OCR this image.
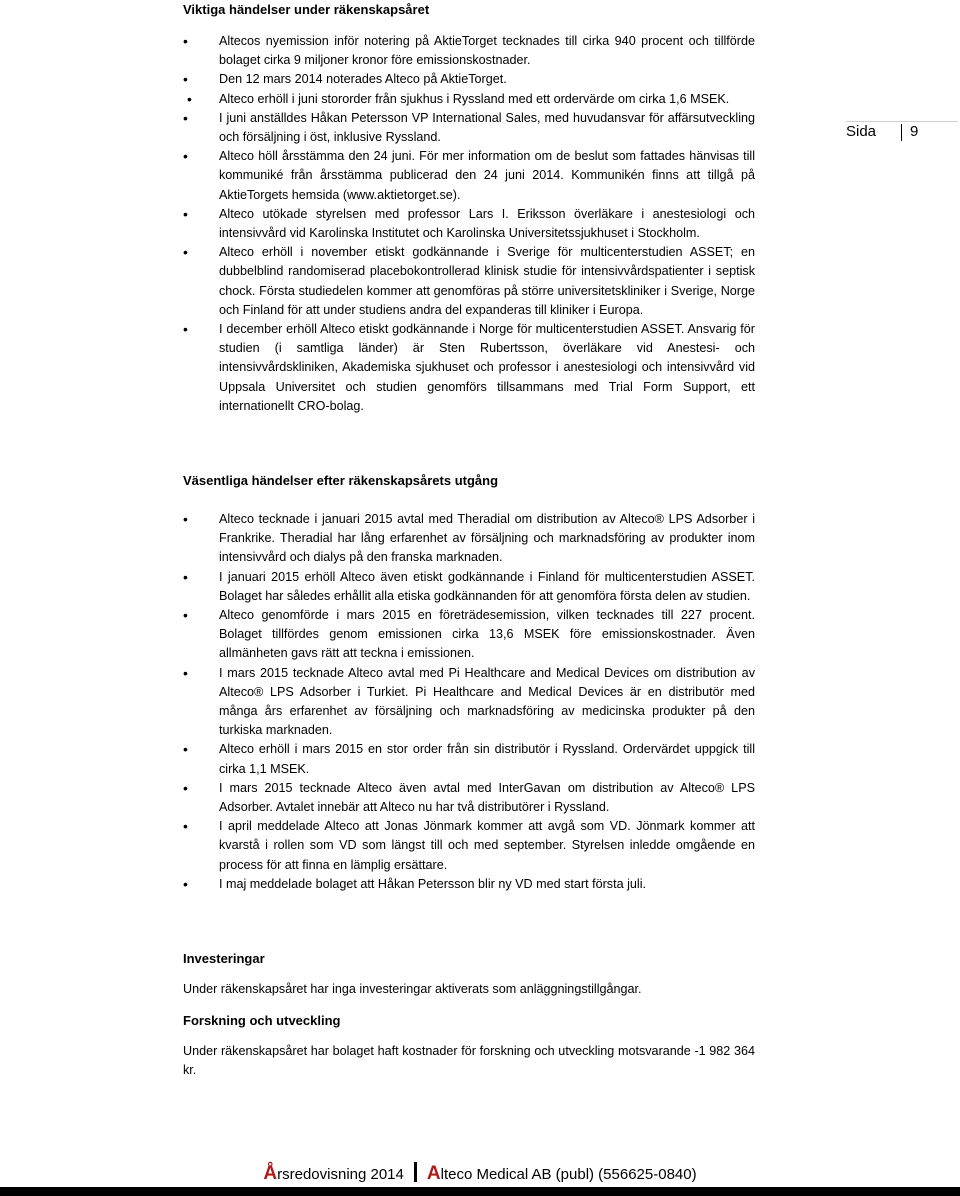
Viktiga händelser under räkenskapsåret
• Altecos nyemission inför notering på AktieTorget tecknades till cirka 940 procent och tillförde bolaget cirka 9 miljoner kronor före emissionskostnader.
• Den 12 mars 2014 noterades Alteco på AktieTorget.
•	Alteco erhöll i juni stororder från sjukhus i Ryssland med ett ordervärde om cirka 1,6 MSEK.
• I juni anställdes Håkan Petersson VP International Sales, med huvudansvar för affärsutveckling och försäljning i öst, inklusive Ryssland.
• Alteco höll årsstämma den 24 juni. För mer information om de beslut som fattades hänvisas till kommuniké från årsstämma publicerad den 24 juni 2014. Kommunikén finns att tillgå på AktieTorgets hemsida (www.aktietorget.se).
• Alteco utökade styrelsen med professor Lars I. Eriksson överläkare i anestesiologi och intensivvård vid Karolinska Institutet och Karolinska Universitetssjukhuset i Stockholm.
• Alteco erhöll i november etiskt godkännande i Sverige för multicenterstudien ASSET; en dubbelblind randomiserad placebokontrollerad klinisk studie för intensivvårdspatienter i septisk chock. Första studiedelen kommer att genomföras på större universitetskliniker i Sverige, Norge och Finland för att under studiens andra del expanderas till kliniker i Europa.
• I december erhöll Alteco etiskt godkännande i Norge för multicenterstudien ASSET. Ansvarig för studien (i samtliga länder) är Sten Rubertsson, överläkare vid Anestesi- och intensivvårdskliniken, Akademiska sjukhuset och professor i anestesiologi och intensivvård vid Uppsala Universitet och studien genomförs tillsammans med Trial Form Support, ett internationellt CRO-bolag.
Sida 9
Väsentliga händelser efter räkenskapsårets utgång
• Alteco tecknade i januari 2015 avtal med Theradial om distribution av Alteco® LPS Adsorber i Frankrike. Theradial har lång erfarenhet av försäljning och marknadsföring av produkter inom intensivvård och dialys på den franska marknaden.
• I januari 2015 erhöll Alteco även etiskt godkännande i Finland för multicenterstudien ASSET. Bolaget har således erhållit alla etiska godkännanden för att genomföra första delen av studien.
• Alteco genomförde i mars 2015 en företrädesemission, vilken tecknades till 227 procent. Bolaget tillfördes genom emissionen cirka 13,6 MSEK före emissionskostnader. Även allmänheten gavs rätt att teckna i emissionen.
• I mars 2015 tecknade Alteco avtal med Pi Healthcare and Medical Devices om distribution av Alteco® LPS Adsorber i Turkiet. Pi Healthcare and Medical Devices är en distributör med många års erfarenhet av försäljning och marknadsföring av medicinska produkter på den turkiska marknaden.
• Alteco erhöll i mars 2015 en stor order från sin distributör i Ryssland. Ordervärdet uppgick till cirka 1,1 MSEK.
• I mars 2015 tecknade Alteco även avtal med InterGavan om distribution av Alteco® LPS Adsorber. Avtalet innebär att Alteco nu har två distributörer i Ryssland.
• I april meddelade Alteco att Jonas Jönmark kommer att avgå som VD. Jönmark kommer att kvarstå i rollen som VD som längst till och med september. Styrelsen inledde omgående en process för att finna en lämplig ersättare.
• I maj meddelade bolaget att Håkan Petersson blir ny VD med start första juli.
Investeringar
Under räkenskapsåret har inga investeringar aktiverats som anläggningstillgångar.
Forskning och utveckling
Under räkenskapsåret har bolaget haft kostnader för forskning och utveckling motsvarande -1 982 364 kr.
Årsredovisning 2014 Alteco Medical AB (publ) (556625-0840)
